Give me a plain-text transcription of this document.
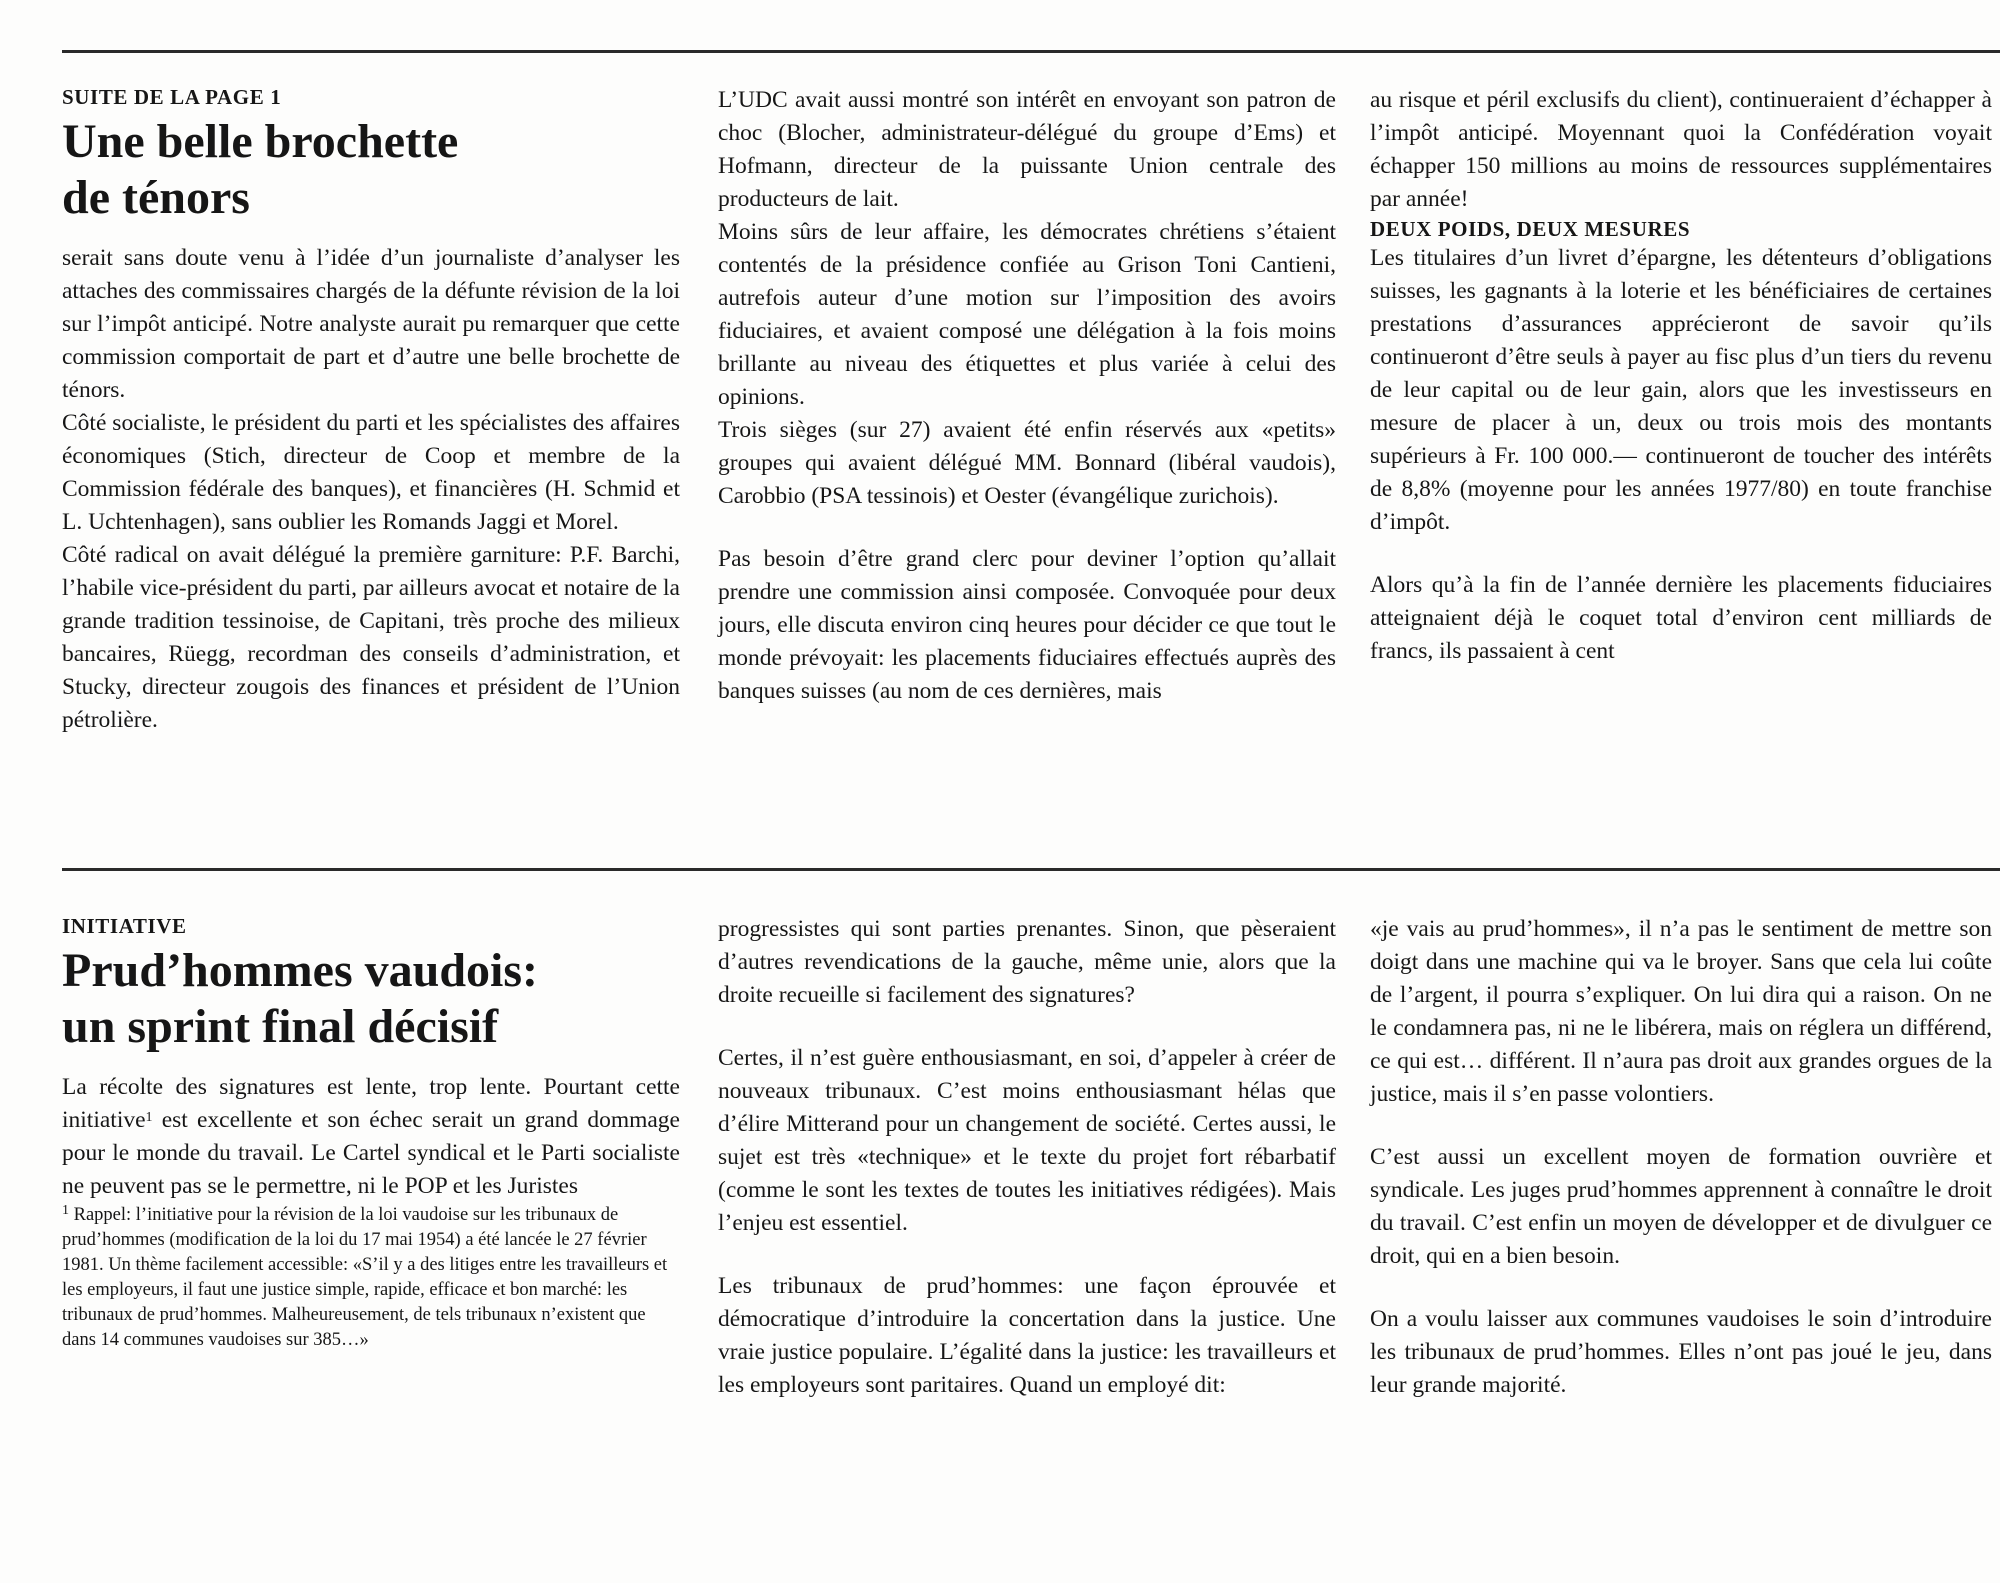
SUITE DE LA PAGE 1

Une belle brochette
de ténors

serait sans doute venu à l’idée d’un journaliste d’analyser les attaches des commissaires chargés de la défunte révision de la loi sur l’impôt anticipé. Notre analyste aurait pu remarquer que cette commission comportait de part et d’autre une belle brochette de ténors.

Côté socialiste, le président du parti et les spécialistes des affaires économiques (Stich, directeur de Coop et membre de la Commission fédérale des banques), et financières (H. Schmid et L. Uchtenhagen), sans oublier les Romands Jaggi et Morel.

Côté radical on avait délégué la première garniture: P.F. Barchi, l’habile vice-président du parti, par ailleurs avocat et notaire de la grande tradition tessinoise, de Capitani, très proche des milieux bancaires, Rüegg, recordman des conseils d’administration, et Stucky, directeur zougois des finances et président de l’Union pétrolière.

L’UDC avait aussi montré son intérêt en envoyant son patron de choc (Blocher, administrateur-délégué du groupe d’Ems) et Hofmann, directeur de la puissante Union centrale des producteurs de lait.

Moins sûrs de leur affaire, les démocrates chrétiens s’étaient contentés de la présidence confiée au Grison Toni Cantieni, autrefois auteur d’une motion sur l’imposition des avoirs fiduciaires, et avaient composé une délégation à la fois moins brillante au niveau des étiquettes et plus variée à celui des opinions.

Trois sièges (sur 27) avaient été enfin réservés aux «petits» groupes qui avaient délégué MM. Bonnard (libéral vaudois), Carobbio (PSA tessinois) et Oester (évangélique zurichois).

Pas besoin d’être grand clerc pour deviner l’option qu’allait prendre une commission ainsi composée. Convoquée pour deux jours, elle discuta environ cinq heures pour décider ce que tout le monde prévoyait: les placements fiduciaires effectués auprès des banques suisses (au nom de ces dernières, mais

au risque et péril exclusifs du client), continueraient d’échapper à l’impôt anticipé. Moyennant quoi la Confédération voyait échapper 150 millions au moins de ressources supplémentaires par année!

DEUX POIDS, DEUX MESURES

Les titulaires d’un livret d’épargne, les détenteurs d’obligations suisses, les gagnants à la loterie et les bénéficiaires de certaines prestations d’assurances apprécieront de savoir qu’ils continueront d’être seuls à payer au fisc plus d’un tiers du revenu de leur capital ou de leur gain, alors que les investisseurs en mesure de placer à un, deux ou trois mois des montants supérieurs à Fr. 100 000.— continueront de toucher des intérêts de 8,8% (moyenne pour les années 1977/80) en toute franchise d’impôt.

Alors qu’à la fin de l’année dernière les placements fiduciaires atteignaient déjà le coquet total d’environ cent milliards de francs, ils passaient à cent

INITIATIVE

Prud’hommes vaudois:
un sprint final décisif

La récolte des signatures est lente, trop lente. Pourtant cette initiative$^1$ est excellente et son échec serait un grand dommage pour le monde du travail. Le Cartel syndical et le Parti socialiste ne peuvent pas se le permettre, ni le POP et les Juristes

$^1$ Rappel: l’initiative pour la révision de la loi vaudoise sur les tribunaux de prud’hommes (modification de la loi du 17 mai 1954) a été lancée le 27 février 1981. Un thème facilement accessible: «S’il y a des litiges entre les travailleurs et les employeurs, il faut une justice simple, rapide, efficace et bon marché: les tribunaux de prud’hommes. Malheureusement, de tels tribunaux n’existent que dans 14 communes vaudoises sur 385…»

progressistes qui sont parties prenantes. Sinon, que pèseraient d’autres revendications de la gauche, même unie, alors que la droite recueille si facilement des signatures?

Certes, il n’est guère enthousiasmant, en soi, d’appeler à créer de nouveaux tribunaux. C’est moins enthousiasmant hélas que d’élire Mitterand pour un changement de société. Certes aussi, le sujet est très «technique» et le texte du projet fort rébarbatif (comme le sont les textes de toutes les initiatives rédigées). Mais l’enjeu est essentiel.

Les tribunaux de prud’hommes: une façon éprouvée et démocratique d’introduire la concertation dans la justice. Une vraie justice populaire. L’égalité dans la justice: les travailleurs et les employeurs sont paritaires. Quand un employé dit:

«je vais au prud’hommes», il n’a pas le sentiment de mettre son doigt dans une machine qui va le broyer. Sans que cela lui coûte de l’argent, il pourra s’expliquer. On lui dira qui a raison. On ne le condamnera pas, ni ne le libérera, mais on réglera un différend, ce qui est… différent. Il n’aura pas droit aux grandes orgues de la justice, mais il s’en passe volontiers.

C’est aussi un excellent moyen de formation ouvrière et syndicale. Les juges prud’hommes apprennent à connaître le droit du travail. C’est enfin un moyen de développer et de divulguer ce droit, qui en a bien besoin.

On a voulu laisser aux communes vaudoises le soin d’introduire les tribunaux de prud’hommes. Elles n’ont pas joué le jeu, dans leur grande majorité.
